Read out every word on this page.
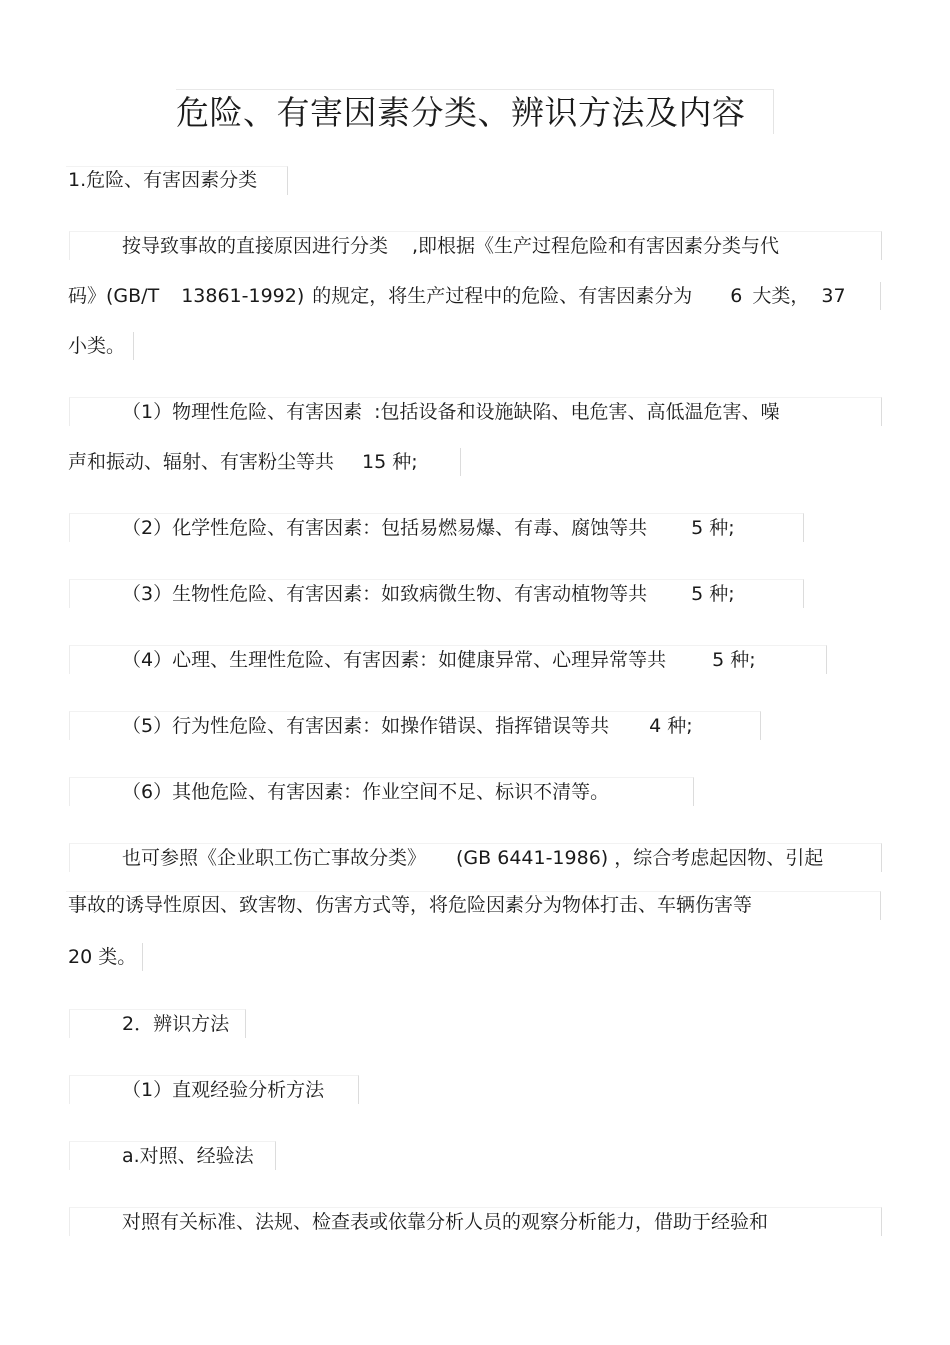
危险、有害因素分类、辨识方法及内容
1.危险、有害因素分类
按导致事故的直接原因进行分类 ,即根据《生产过程危险和有害因素分类与代
码》(GB/T 13861-1992) 的规定，将生产过程中的危险、有害因素分为 6 大类， 37
小类。
（1）物理性危险、有害因素 :包括设备和设施缺陷、电危害、高低温危害、噪
声和振动、辐射、有害粉尘等共 15 种;
（2）化学性危险、有害因素：包括易燃易爆、有毒、腐蚀等共 5 种;
（3）生物性危险、有害因素：如致病微生物、有害动植物等共 5 种;
（4）心理、生理性危险、有害因素：如健康异常、心理异常等共 5 种;
（5）行为性危险、有害因素：如操作错误、指挥错误等共 4 种;
（6）其他危险、有害因素：作业空间不足、标识不清等。
也可参照《企业职工伤亡事故分类》 (GB 6441-1986) ，综合考虑起因物、引起
事故的诱导性原因、致害物、伤害方式等，将危险因素分为物体打击、车辆伤害等
20 类。
2．辨识方法
（1）直观经验分析方法
a.对照、经验法
对照有关标准、法规、检查表或依靠分析人员的观察分析能力，借助于经验和
